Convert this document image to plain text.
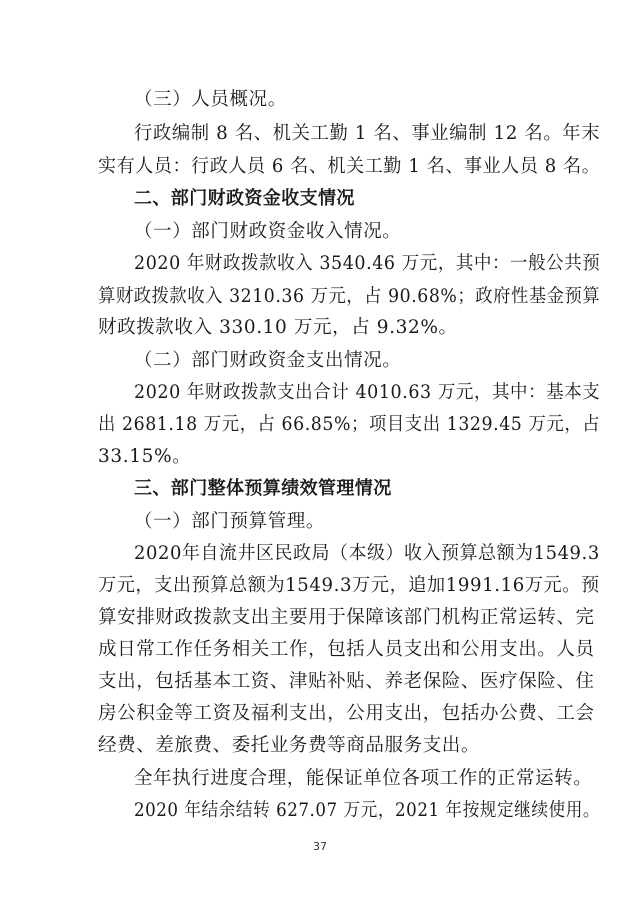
（三）人员概况。
行政编制 8 名、机关工勤 1 名、事业编制 12 名。年末
实有人员：行政人员 6 名、机关工勤 1 名、事业人员 8 名。
二、部门财政资金收支情况
（一）部门财政资金收入情况。
2020 年财政拨款收入 3540.46 万元，其中：一般公共预
算财政拨款收入 3210.36 万元，占 90.68%；政府性基金预算
财政拨款收入 330.10 万元，占 9.32%。
（二）部门财政资金支出情况。
2020 年财政拨款支出合计 4010.63 万元，其中：基本支
出 2681.18 万元，占 66.85%；项目支出 1329.45 万元，占
33.15%。
三、部门整体预算绩效管理情况
（一）部门预算管理。
2020年自流井区民政局（本级）收入预算总额为1549.3
万元，支出预算总额为1549.3万元，追加1991.16万元。预
算安排财政拨款支出主要用于保障该部门机构正常运转、完
成日常工作任务相关工作，包括人员支出和公用支出。人员
支出，包括基本工资、津贴补贴、养老保险、医疗保险、住
房公积金等工资及福利支出，公用支出，包括办公费、工会
经费、差旅费、委托业务费等商品服务支出。
全年执行进度合理，能保证单位各项工作的正常运转。
2020 年结余结转 627.07 万元，2021 年按规定继续使用。
37
